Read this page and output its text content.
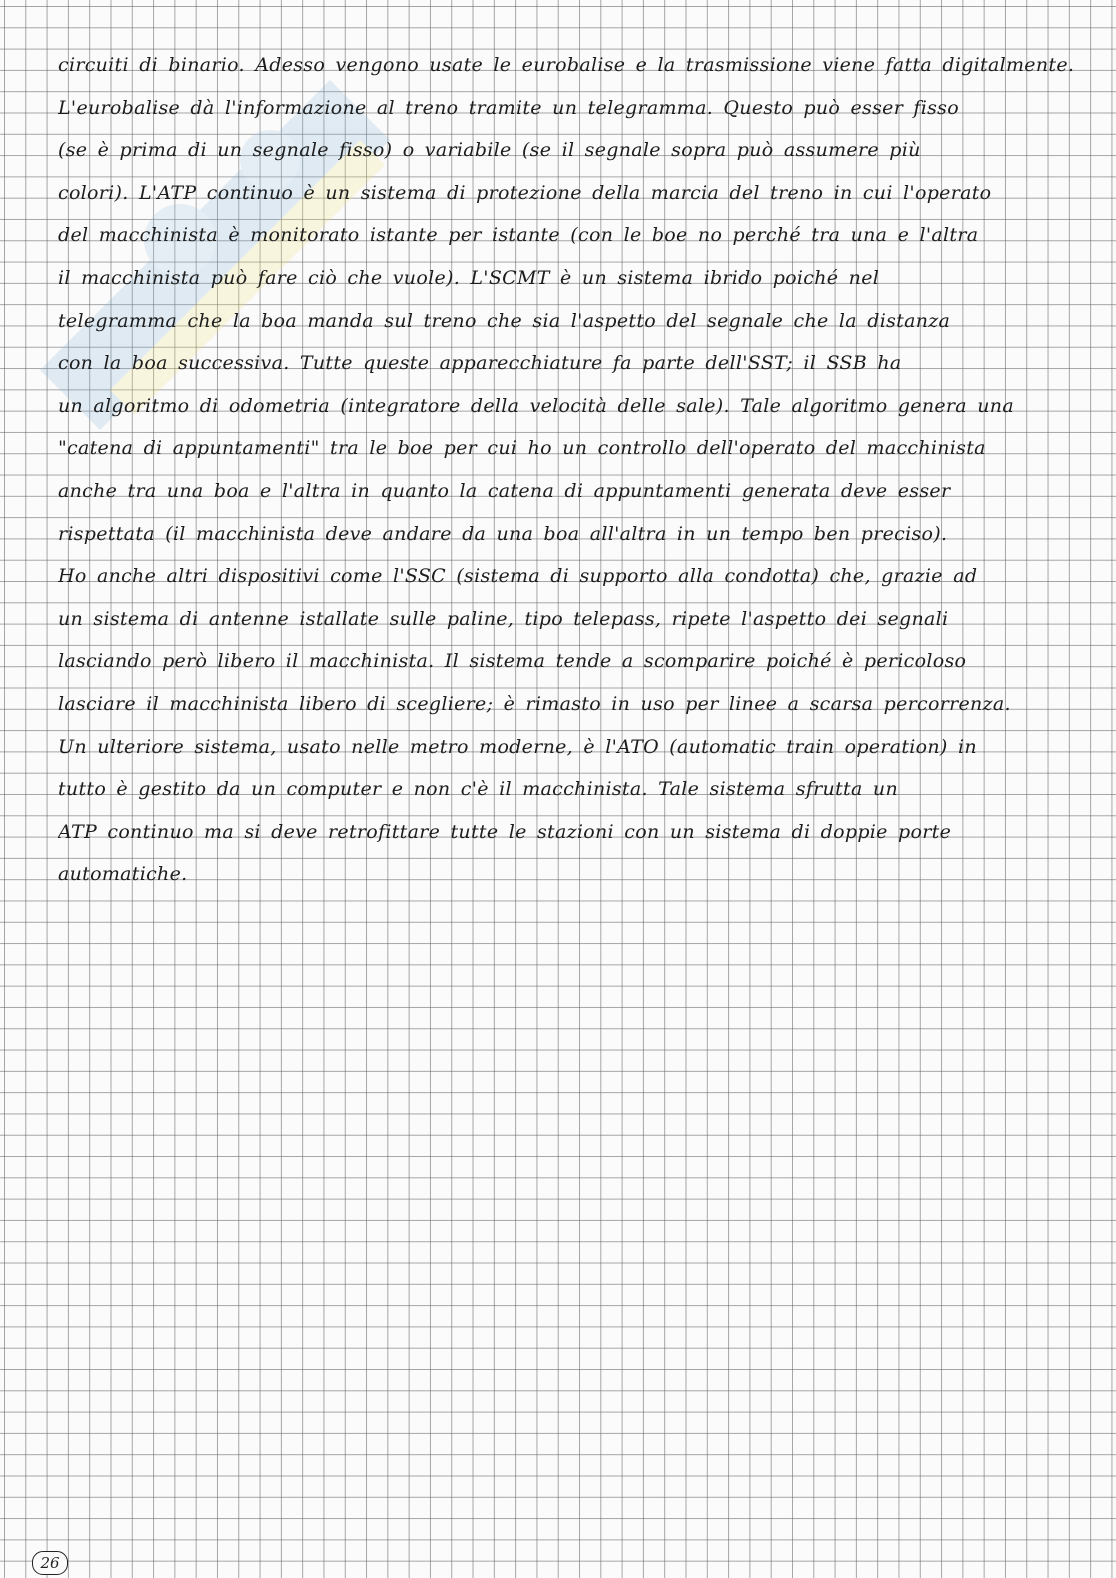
circuiti di binario. Adesso vengono usate le eurobalise e la trasmissione viene fatta digitalmente.
L'eurobalise dà l'informazione al treno tramite un telegramma. Questo può esser fisso
(se è prima di un segnale fisso) o variabile (se il segnale sopra può assumere più
colori). L'ATP continuo è un sistema di protezione della marcia del treno in cui l'operato
del macchinista è monitorato istante per istante (con le boe no perché tra una e l'altra
il macchinista può fare ciò che vuole). L'SCMT è un sistema ibrido poiché nel
telegramma che la boa manda sul treno che sia l'aspetto del segnale che la distanza
con la boa successiva. Tutte queste apparecchiature fa parte dell'SST; il SSB ha
un algoritmo di odometria (integratore della velocità delle sale). Tale algoritmo genera una
"catena di appuntamenti" tra le boe per cui ho un controllo dell'operato del macchinista
anche tra una boa e l'altra in quanto la catena di appuntamenti generata deve esser
rispettata (il macchinista deve andare da una boa all'altra in un tempo ben preciso).
Ho anche altri dispositivi come l'SSC (sistema di supporto alla condotta) che, grazie ad
un sistema di antenne istallate sulle paline, tipo telepass, ripete l'aspetto dei segnali
lasciando però libero il macchinista. Il sistema tende a scomparire poiché è pericoloso
lasciare il macchinista libero di scegliere; è rimasto in uso per linee a scarsa percorrenza.
Un ulteriore sistema, usato nelle metro moderne, è l'ATO (automatic train operation) in
tutto è gestito da un computer e non c'è il macchinista. Tale sistema sfrutta un
ATP continuo ma si deve retrofittare tutte le stazioni con un sistema di doppie porte
automatiche.
26
